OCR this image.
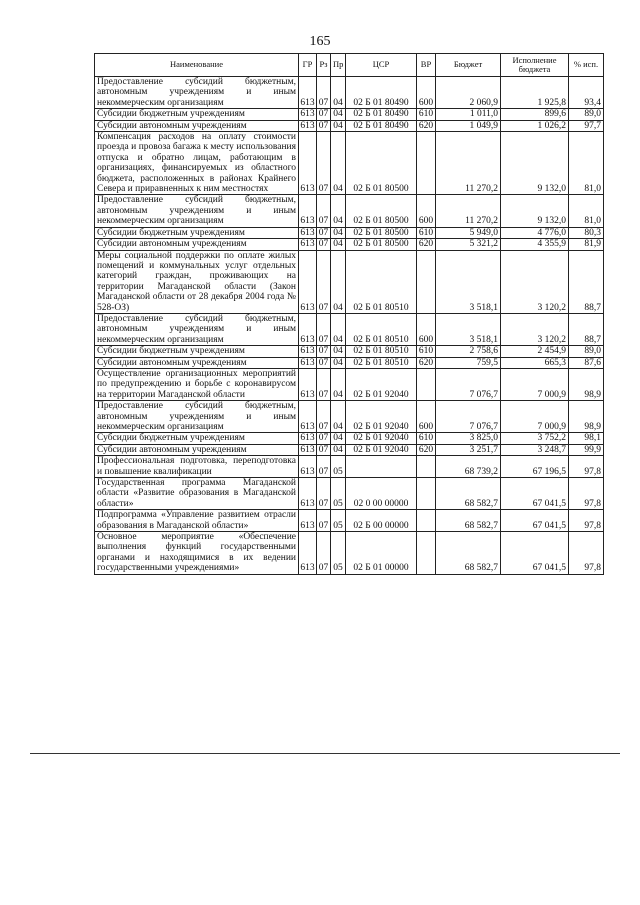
165
Наименование	ГР	Рз	Пр	ЦСР	ВР	Бюджет	Исполнение бюджета	% исп.
Предоставление субсидий бюджетным, автономным учреждениям и иным некоммерческим организациям	613	07	04	02 Б 01 80490	600	2 060,9	1 925,8	93,4
Субсидии бюджетным учреждениям	613	07	04	02 Б 01 80490	610	1 011,0	899,6	89,0
Субсидии автономным учреждениям	613	07	04	02 Б 01 80490	620	1 049,9	1 026,2	97,7
Компенсация расходов на оплату стоимости проезда и провоза багажа к месту использования отпуска и обратно лицам, работающим в организациях, финансируемых из областного бюджета, расположенных в районах Крайнего Севера и приравненных к ним местностях	613	07	04	02 Б 01 80500		11 270,2	9 132,0	81,0
Предоставление субсидий бюджетным, автономным учреждениям и иным некоммерческим организациям	613	07	04	02 Б 01 80500	600	11 270,2	9 132,0	81,0
Субсидии бюджетным учреждениям	613	07	04	02 Б 01 80500	610	5 949,0	4 776,0	80,3
Субсидии автономным учреждениям	613	07	04	02 Б 01 80500	620	5 321,2	4 355,9	81,9
Меры социальной поддержки по оплате жилых помещений и коммунальных услуг отдельных категорий граждан, проживающих на территории Магаданской области (Закон Магаданской области от 28 декабря 2004 года № 528-ОЗ)	613	07	04	02 Б 01 80510		3 518,1	3 120,2	88,7
Предоставление субсидий бюджетным, автономным учреждениям и иным некоммерческим организациям	613	07	04	02 Б 01 80510	600	3 518,1	3 120,2	88,7
Субсидии бюджетным учреждениям	613	07	04	02 Б 01 80510	610	2 758,6	2 454,9	89,0
Субсидии автономным учреждениям	613	07	04	02 Б 01 80510	620	759,5	665,3	87,6
Осуществление организационных мероприятий по предупреждению и борьбе с коронавирусом на территории Магаданской области	613	07	04	02 Б 01 92040		7 076,7	7 000,9	98,9
Предоставление субсидий бюджетным, автономным учреждениям и иным некоммерческим организациям	613	07	04	02 Б 01 92040	600	7 076,7	7 000,9	98,9
Субсидии бюджетным учреждениям	613	07	04	02 Б 01 92040	610	3 825,0	3 752,2	98,1
Субсидии автономным учреждениям	613	07	04	02 Б 01 92040	620	3 251,7	3 248,7	99,9
Профессиональная подготовка, переподготовка и повышение квалификации	613	07	05			68 739,2	67 196,5	97,8
Государственная программа Магаданской области «Развитие образования в Магаданской области»	613	07	05	02 0 00 00000		68 582,7	67 041,5	97,8
Подпрограмма «Управление развитием отрасли образования в Магаданской области»	613	07	05	02 Б 00 00000		68 582,7	67 041,5	97,8
Основное мероприятие «Обеспечение выполнения функций государственными органами и находящимися в их ведении государственными учреждениями»	613	07	05	02 Б 01 00000		68 582,7	67 041,5	97,8
